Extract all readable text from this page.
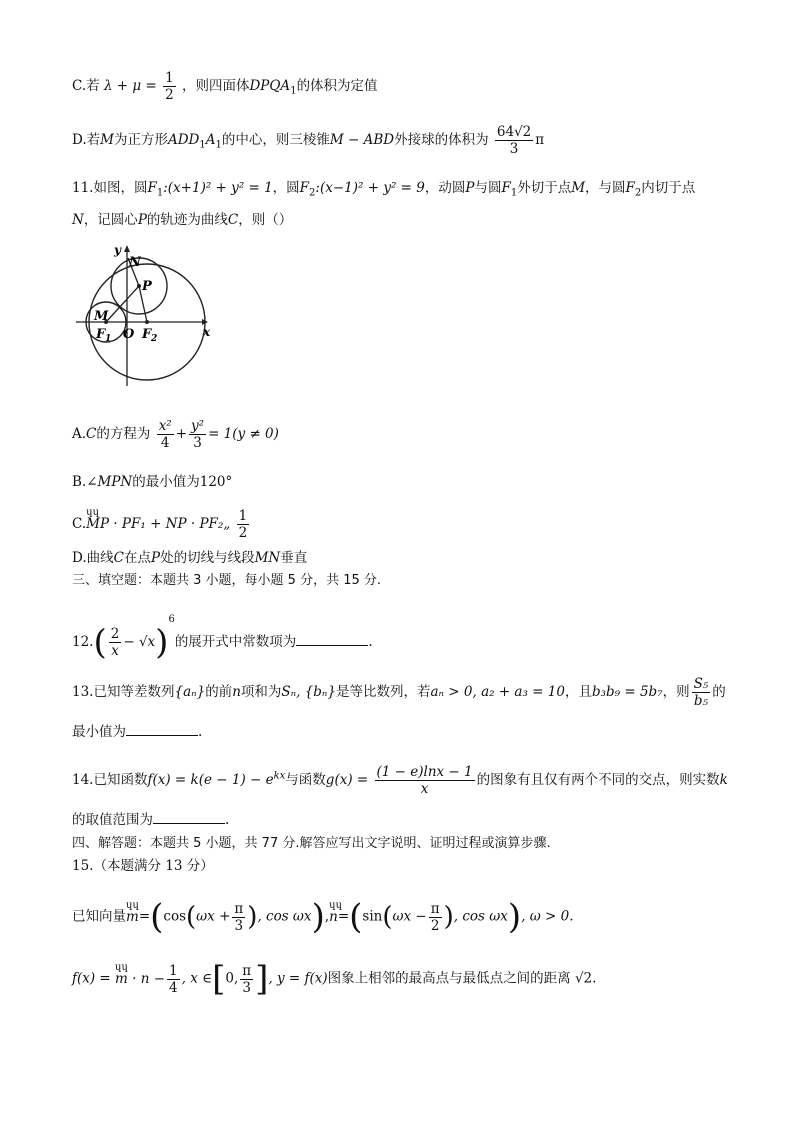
C.若 $\lambda + \mu = \frac{1}{2}$ ，则四面体$DPQA_1$的体积为定值
D.若M为正方形$ADD_1A_1$的中心，则三棱锥M − ABD外接球的体积为 $\frac{64√2}{3}$ π
11.如图，圆$F_1:(x+1)^2 + y^2 = 1$，圆$F_2:(x-1)^2 + y^2 = 9$，动圆P与圆$F_1$外切于点M，与圆$F_2$内切于点
N，记圆心P的轨迹为曲线C，则（）
y
x
N
P
M
O
F 1 F 2
A.C的方程为 $\frac{\text{x²}}{4} + \frac{\text{y²}}{3} = 1(y \ne 0)$
B.∠MPN的最小值为120°
C.ɥɥ MP · PF₁ + NP · PF₂„ $\frac{1}{2}$
D.曲线C在点P处的切线与线段MN垂直
三、填空题：本题共 3 小题，每小题 5 分，共 15 分.
$12.( \frac{2}{x} - √x)^6$的展开式中常数项为	.
13.已知等差数列{aₙ}的前n项和为Sₙ, {bₙ}是等比数列，若aₙ > 0, a₂ + a₃ = 10，且b₃b₉ = 5b₇，则 $\frac{\text{S₅}}{\text{b₅}}$ 的
最小值为	.
14.已知函数$f(x) = k(e - 1) - e^{kx}$与函数$g(x) = \frac{(1 - e)\ln x - 1}{x}$ 的图象有且仅有两个不同的交点，则实数k
的取值范围为	.
四、解答题：本题共 5 小题，共 77 分.解答应写出文字说明、证明过程或演算步骤.
15.（本题满分 13 分）
已知向量ɥɥ $m=(\cos(\omega x + \frac{\pi}{3}$ ), cos ωx),ɥɥ $n=(\sin(\omega x - \frac{\pi}{2}$ ), cos ωx), ω > 0.
f(x) = ɥɥ $m \cdot n - \frac{1}{4}$ , x ∈[0, $\frac{\pi}{3}$ ], y = f(x)图象上相邻的最高点与最低点之间的距离 √2.
